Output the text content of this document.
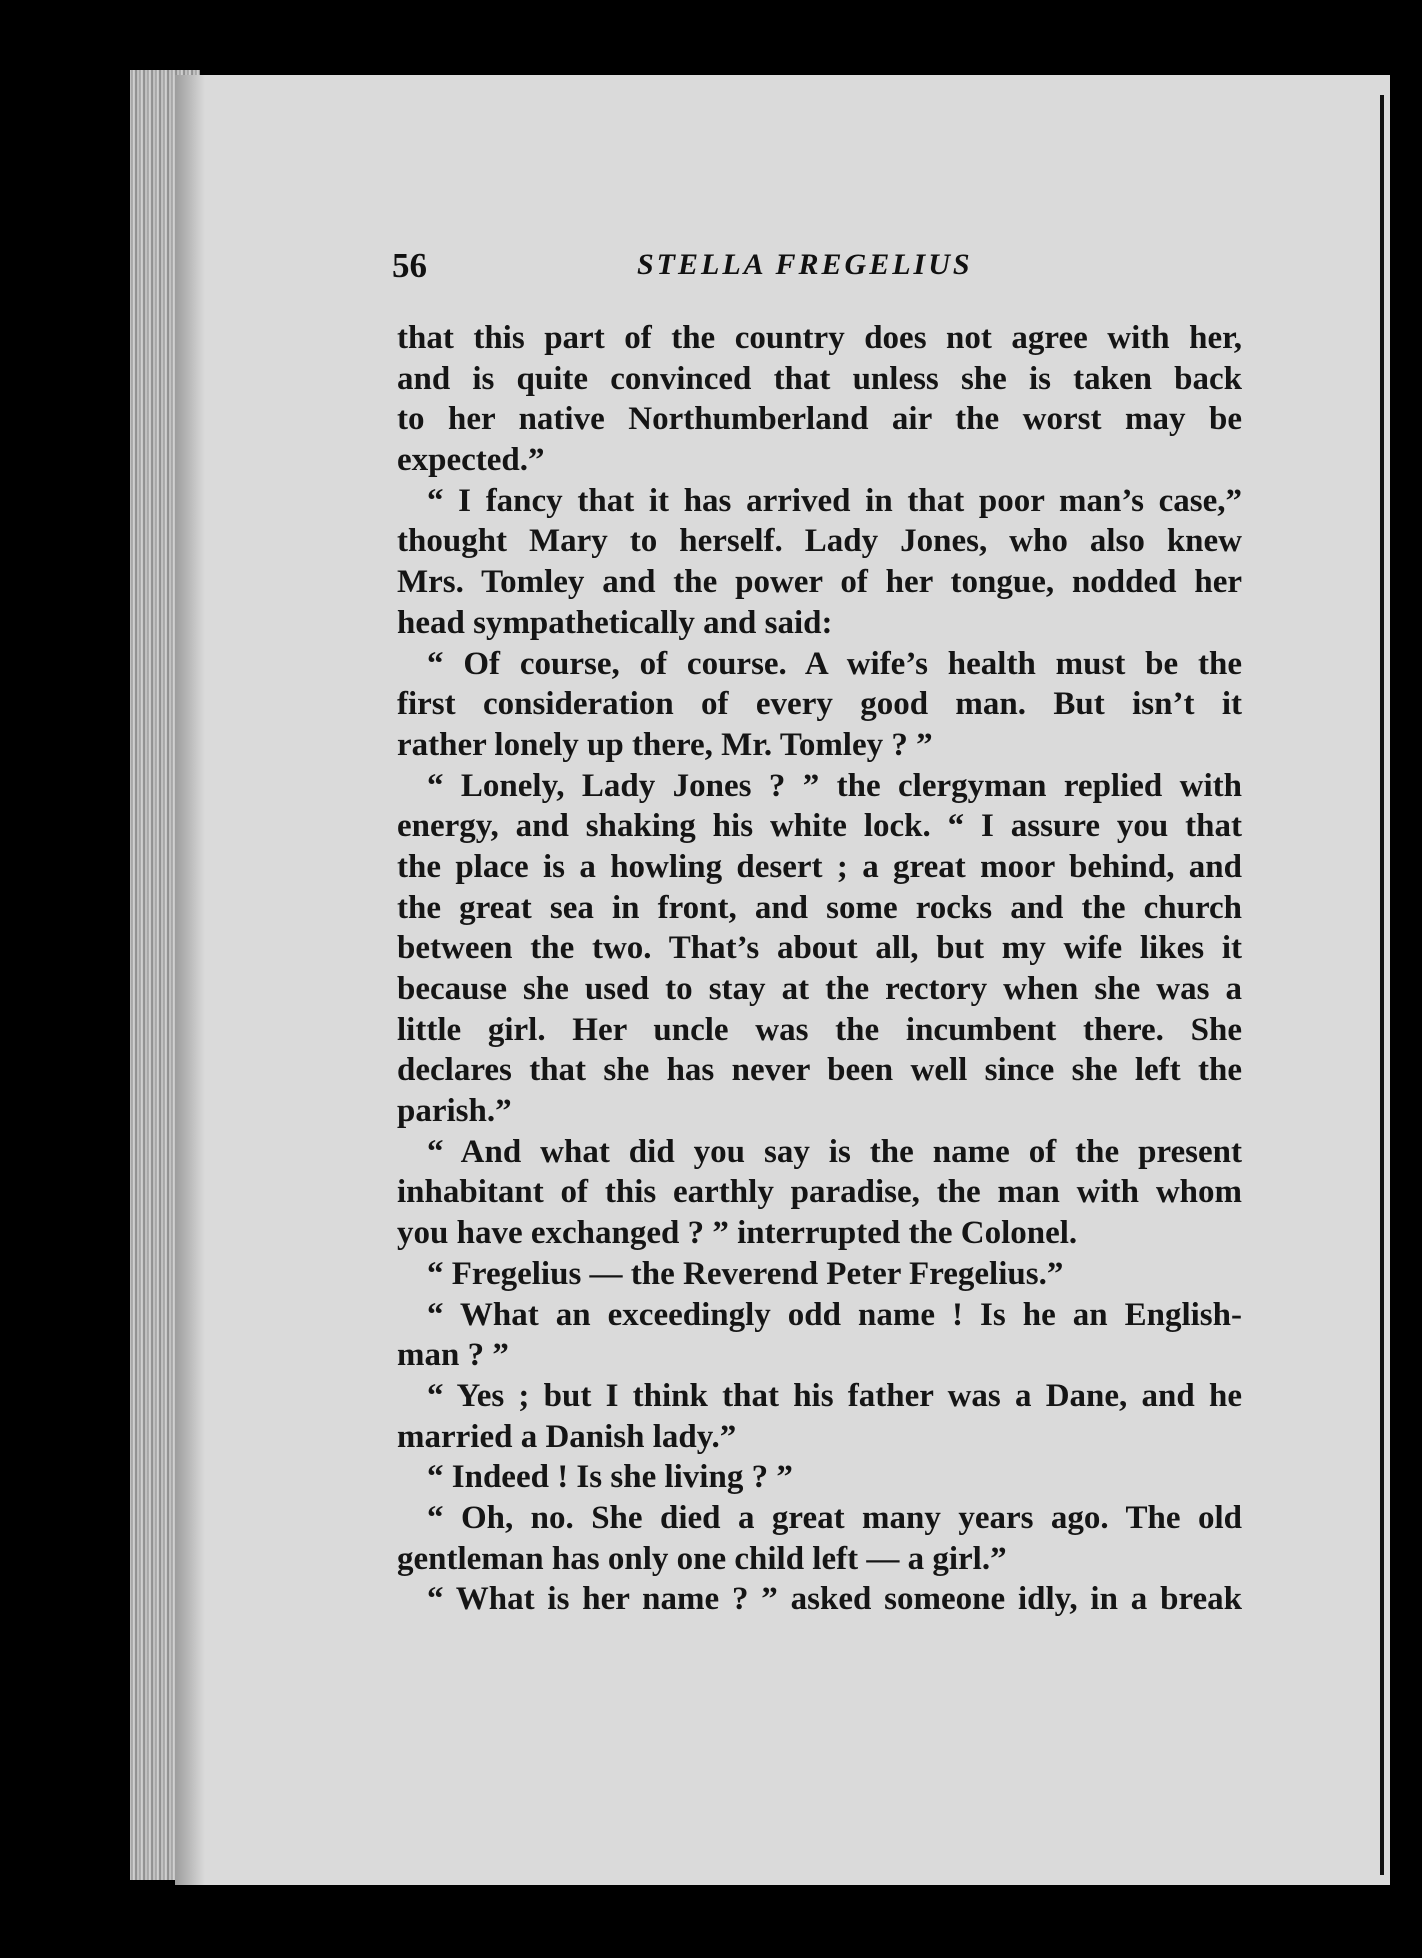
56	STELLA FREGELIUS
that this part of the country does not agree with her,
and is quite convinced that unless she is taken back
to her native Northumberland air the worst may be
expected.”
“ I fancy that it has arrived in that poor man’s case,”
thought Mary to herself. Lady Jones, who also knew
Mrs. Tomley and the power of her tongue, nodded her
head sympathetically and said:
“ Of course, of course. A wife’s health must be the
first consideration of every good man. But isn’t it
rather lonely up there, Mr. Tomley ? ”
“ Lonely, Lady Jones ? ” the clergyman replied with
energy, and shaking his white lock. “ I assure you that
the place is a howling desert ; a great moor behind, and
the great sea in front, and some rocks and the church
between the two. That’s about all, but my wife likes it
because she used to stay at the rectory when she was a
little girl. Her uncle was the incumbent there. She
declares that she has never been well since she left the
parish.”
“ And what did you say is the name of the present
inhabitant of this earthly paradise, the man with whom
you have exchanged ? ” interrupted the Colonel.
“ Fregelius — the Reverend Peter Fregelius.”
“ What an exceedingly odd name ! Is he an English-
man ? ”
“ Yes ; but I think that his father was a Dane, and he
married a Danish lady.”
“ Indeed ! Is she living ? ”
“ Oh, no. She died a great many years ago. The old
gentleman has only one child left — a girl.”
“ What is her name ? ” asked someone idly, in a break
